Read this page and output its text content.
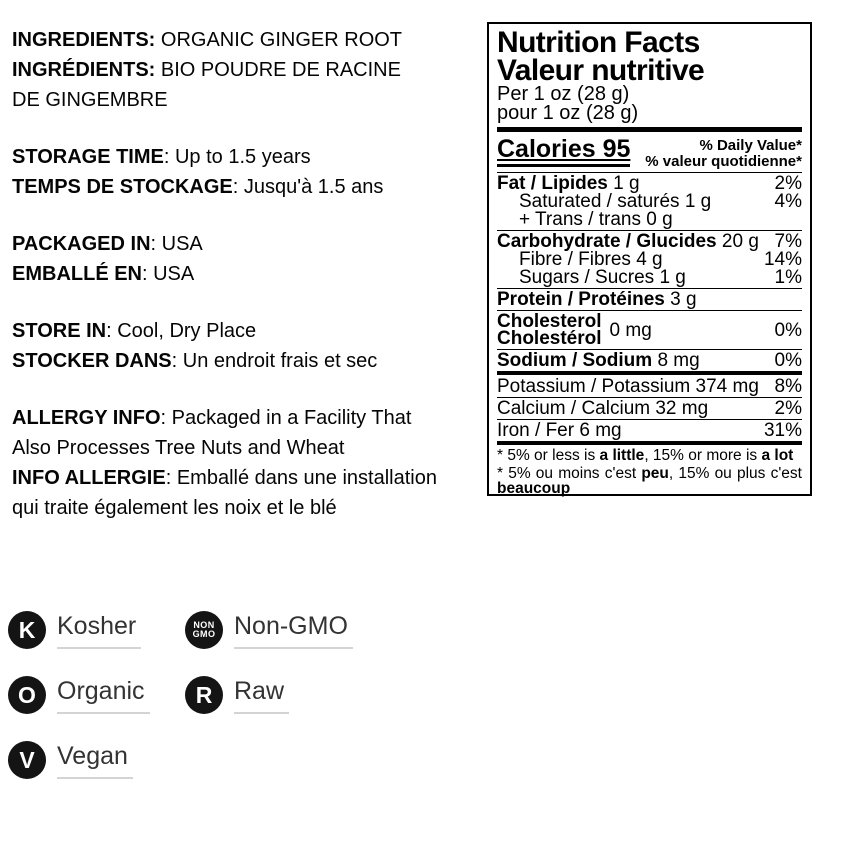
INGREDIENTS: ORGANIC GINGER ROOT
INGRÉDIENTS: BIO POUDRE DE RACINE
DE GINGEMBRE

STORAGE TIME: Up to 1.5 years
TEMPS DE STOCKAGE: Jusqu'à 1.5 ans

PACKAGED IN: USA
EMBALLÉ EN: USA

STORE IN: Cool, Dry Place
STOCKER DANS: Un endroit frais et sec

ALLERGY INFO: Packaged in a Facility That
Also Processes Tree Nuts and Wheat
INFO ALLERGIE: Emballé dans une installation
qui traite également les noix et le blé

Nutrition Facts
Valeur nutritive
Per 1 oz (28 g)
pour 1 oz (28 g)
Calories 95	% Daily Value*
% valeur quotidienne*
Fat / Lipides 1 g	2%
Saturated / saturés 1 g	4%
+ Trans / trans 0 g
Carbohydrate / Glucides 20 g 7%
Fibre / Fibres 4 g	14%
Sugars / Sucres 1 g	1%
Protein / Protéines 3 g
Cholesterol
Cholestérol 0 mg	0%
Sodium / Sodium 8 mg	0%
Potassium / Potassium 374 mg 8%
Calcium / Calcium 32 mg	2%
Iron / Fer 6 mg	31%

* 5% or less is a little, 15% or more is a lot

* 5% ou moins c'est peu, 15% ou plus c'est beaucoup

K Kosher	NON
GMO Non-GMO
O Organic	R Raw
V Vegan
